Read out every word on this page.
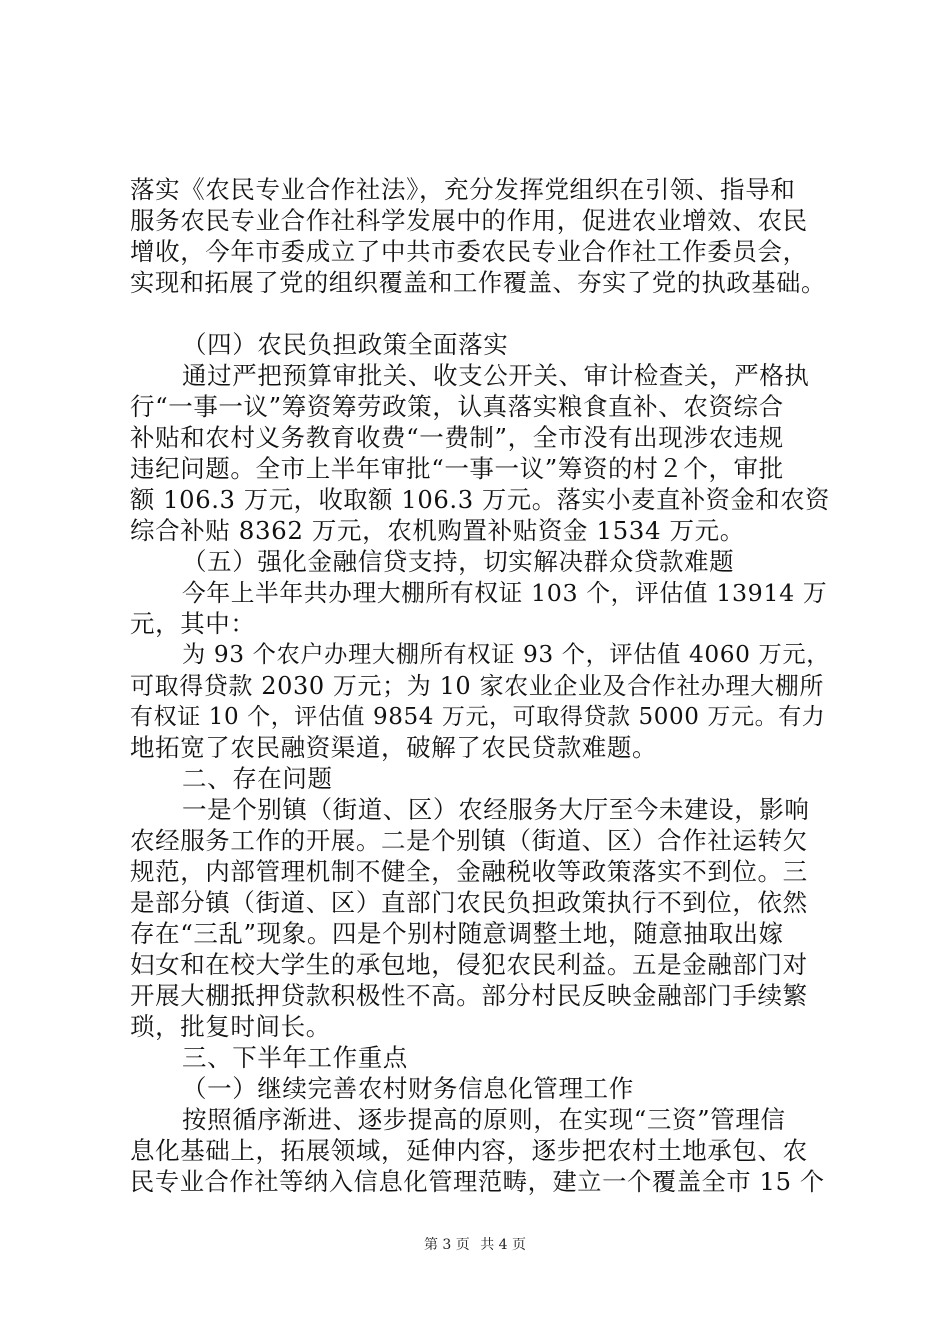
落实《农民专业合作社法》，充分发挥党组织在引领、指导和
服务农民专业合作社科学发展中的作用，促进农业增效、农民
增收，今年市委成立了中共市委农民专业合作社工作委员会，
实现和拓展了党的组织覆盖和工作覆盖、夯实了党的执政基础。
（四）农民负担政策全面落实
通过严把预算审批关、收支公开关、审计检查关，严格执
行“一事一议”筹资筹劳政策，认真落实粮食直补、农资综合
补贴和农村义务教育收费“一费制”，全市没有出现涉农违规
违纪问题。全市上半年审批“一事一议”筹资的村２个，审批
额 106.3 万元，收取额 106.3 万元。落实小麦直补资金和农资
综合补贴 8362 万元，农机购置补贴资金 1534 万元。
（五）强化金融信贷支持，切实解决群众贷款难题
今年上半年共办理大棚所有权证 103 个，评估值 13914 万
元，其中：
为 93 个农户办理大棚所有权证 93 个，评估值 4060 万元，
可取得贷款 2030 万元；为 10 家农业企业及合作社办理大棚所
有权证 10 个，评估值 9854 万元，可取得贷款 5000 万元。有力
地拓宽了农民融资渠道，破解了农民贷款难题。
二、存在问题
一是个别镇（街道、区）农经服务大厅至今未建设，影响
农经服务工作的开展。二是个别镇（街道、区）合作社运转欠
规范，内部管理机制不健全，金融税收等政策落实不到位。三
是部分镇（街道、区）直部门农民负担政策执行不到位，依然
存在“三乱”现象。四是个别村随意调整土地，随意抽取出嫁
妇女和在校大学生的承包地，侵犯农民利益。五是金融部门对
开展大棚抵押贷款积极性不高。部分村民反映金融部门手续繁
琐，批复时间长。
三、下半年工作重点
（一）继续完善农村财务信息化管理工作
按照循序渐进、逐步提高的原则，在实现“三资”管理信
息化基础上，拓展领域，延伸内容，逐步把农村土地承包、农
民专业合作社等纳入信息化管理范畴，建立一个覆盖全市 15 个
第 3 页 共 4 页
